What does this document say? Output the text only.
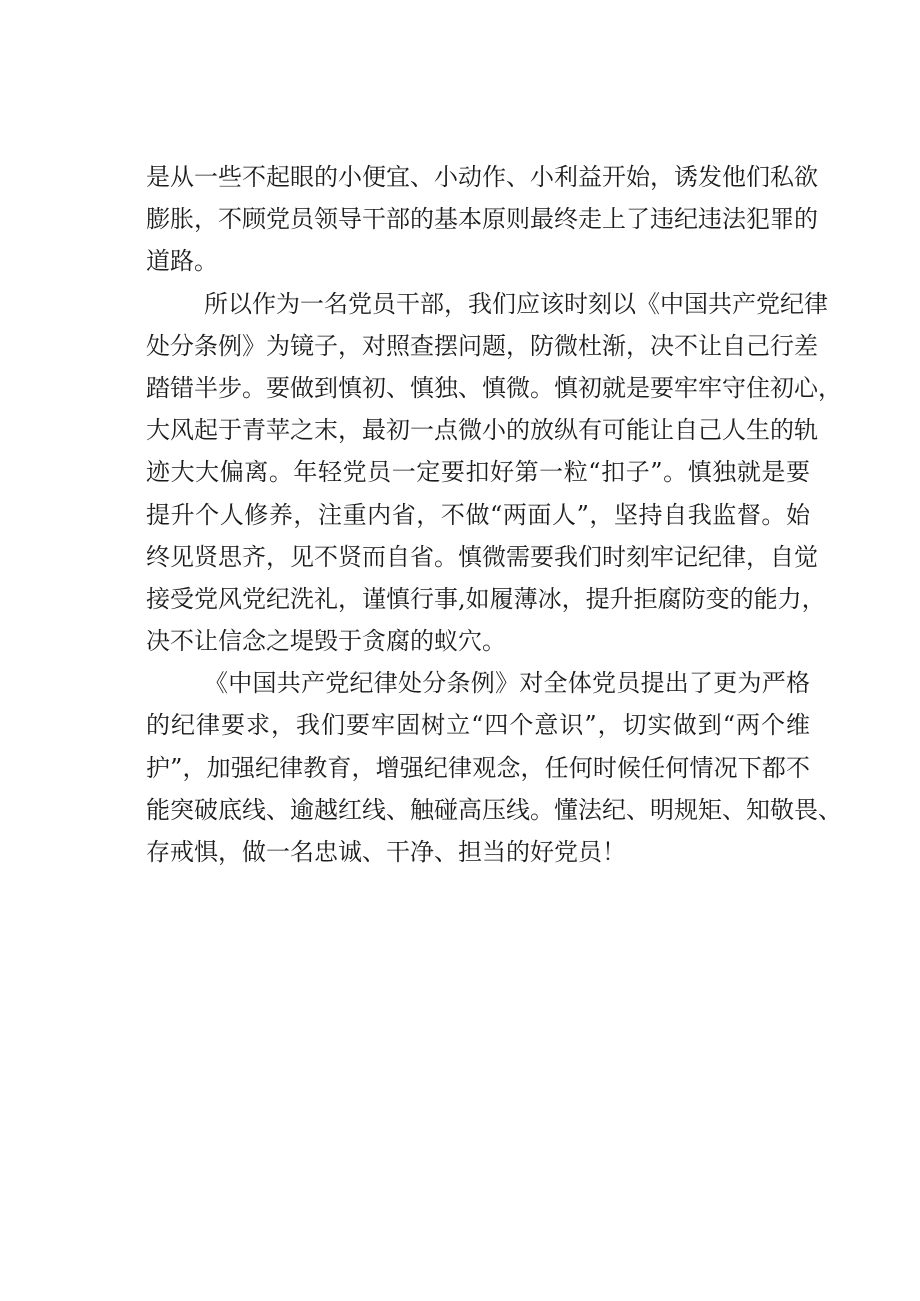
是从一些不起眼的小便宜、小动作、小利益开始，诱发他们私欲
膨胀，不顾党员领导干部的基本原则最终走上了违纪违法犯罪的
道路。
所以作为一名党员干部，我们应该时刻以《中国共产党纪律
处分条例》为镜子，对照查摆问题，防微杜渐，决不让自己行差
踏错半步。要做到慎初、慎独、慎微。慎初就是要牢牢守住初心，
大风起于青苹之末，最初一点微小的放纵有可能让自己人生的轨
迹大大偏离。年轻党员一定要扣好第一粒“扣子”。慎独就是要
提升个人修养，注重内省，不做“两面人”，坚持自我监督。始
终见贤思齐，见不贤而自省。慎微需要我们时刻牢记纪律，自觉
接受党风党纪洗礼，谨慎行事,如履薄冰，提升拒腐防变的能力，
决不让信念之堤毁于贪腐的蚁穴。
《中国共产党纪律处分条例》对全体党员提出了更为严格
的纪律要求，我们要牢固树立“四个意识”，切实做到“两个维
护”，加强纪律教育，增强纪律观念，任何时候任何情况下都不
能突破底线、逾越红线、触碰高压线。懂法纪、明规矩、知敬畏、
存戒惧，做一名忠诚、干净、担当的好党员！
